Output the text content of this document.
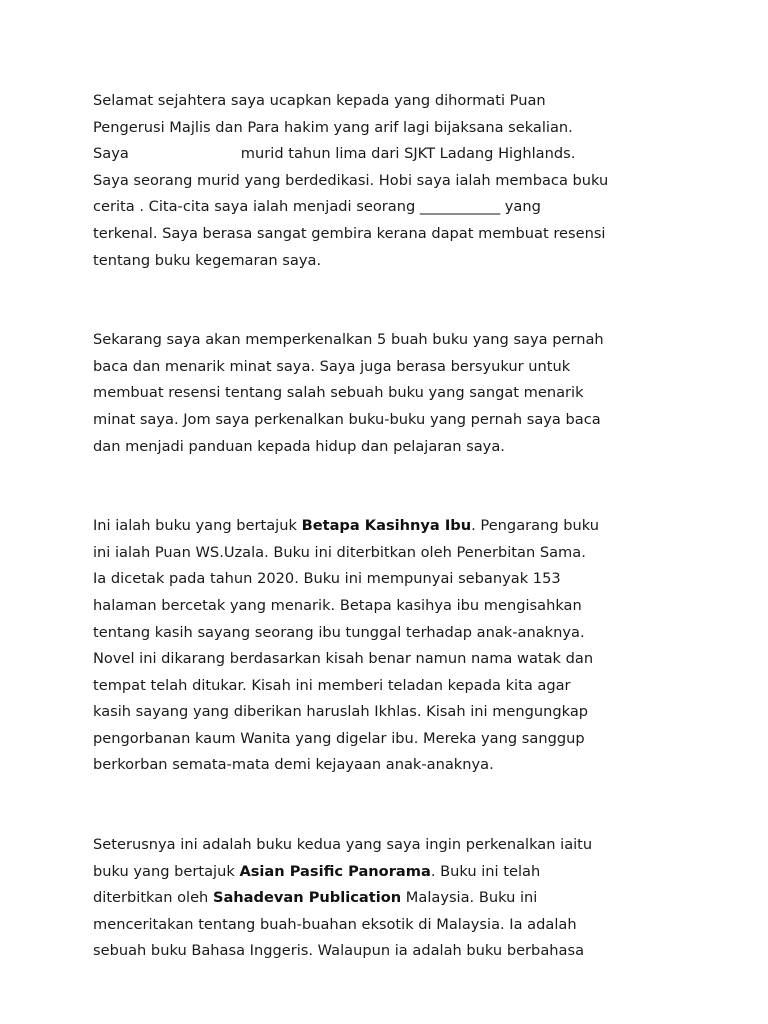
Selamat sejahtera saya ucapkan kepada yang dihormati Puan
Pengerusi Majlis dan Para hakim yang arif lagi bijaksana sekalian.
Saya	murid tahun lima dari SJKT Ladang Highlands.
Saya seorang murid yang berdedikasi. Hobi saya ialah membaca buku
cerita . Cita-cita saya ialah menjadi seorang ___________ yang
terkenal. Saya berasa sangat gembira kerana dapat membuat resensi
tentang buku kegemaran saya.

Sekarang saya akan memperkenalkan 5 buah buku yang saya pernah
baca dan menarik minat saya. Saya juga berasa bersyukur untuk
membuat resensi tentang salah sebuah buku yang sangat menarik
minat saya. Jom saya perkenalkan buku-buku yang pernah saya baca
dan menjadi panduan kepada hidup dan pelajaran saya.

Ini ialah buku yang bertajuk Betapa Kasihnya Ibu. Pengarang buku
ini ialah Puan WS.Uzala. Buku ini diterbitkan oleh Penerbitan Sama.
Ia dicetak pada tahun 2020. Buku ini mempunyai sebanyak 153
halaman bercetak yang menarik. Betapa kasihya ibu mengisahkan
tentang kasih sayang seorang ibu tunggal terhadap anak-anaknya.
Novel ini dikarang berdasarkan kisah benar namun nama watak dan
tempat telah ditukar. Kisah ini memberi teladan kepada kita agar
kasih sayang yang diberikan haruslah Ikhlas. Kisah ini mengungkap
pengorbanan kaum Wanita yang digelar ibu. Mereka yang sanggup
berkorban semata-mata demi kejayaan anak-anaknya.

Seterusnya ini adalah buku kedua yang saya ingin perkenalkan iaitu
buku yang bertajuk Asian Pasific Panorama. Buku ini telah
diterbitkan oleh Sahadevan Publication Malaysia. Buku ini
menceritakan tentang buah-buahan eksotik di Malaysia. Ia adalah
sebuah buku Bahasa Inggeris. Walaupun ia adalah buku berbahasa
